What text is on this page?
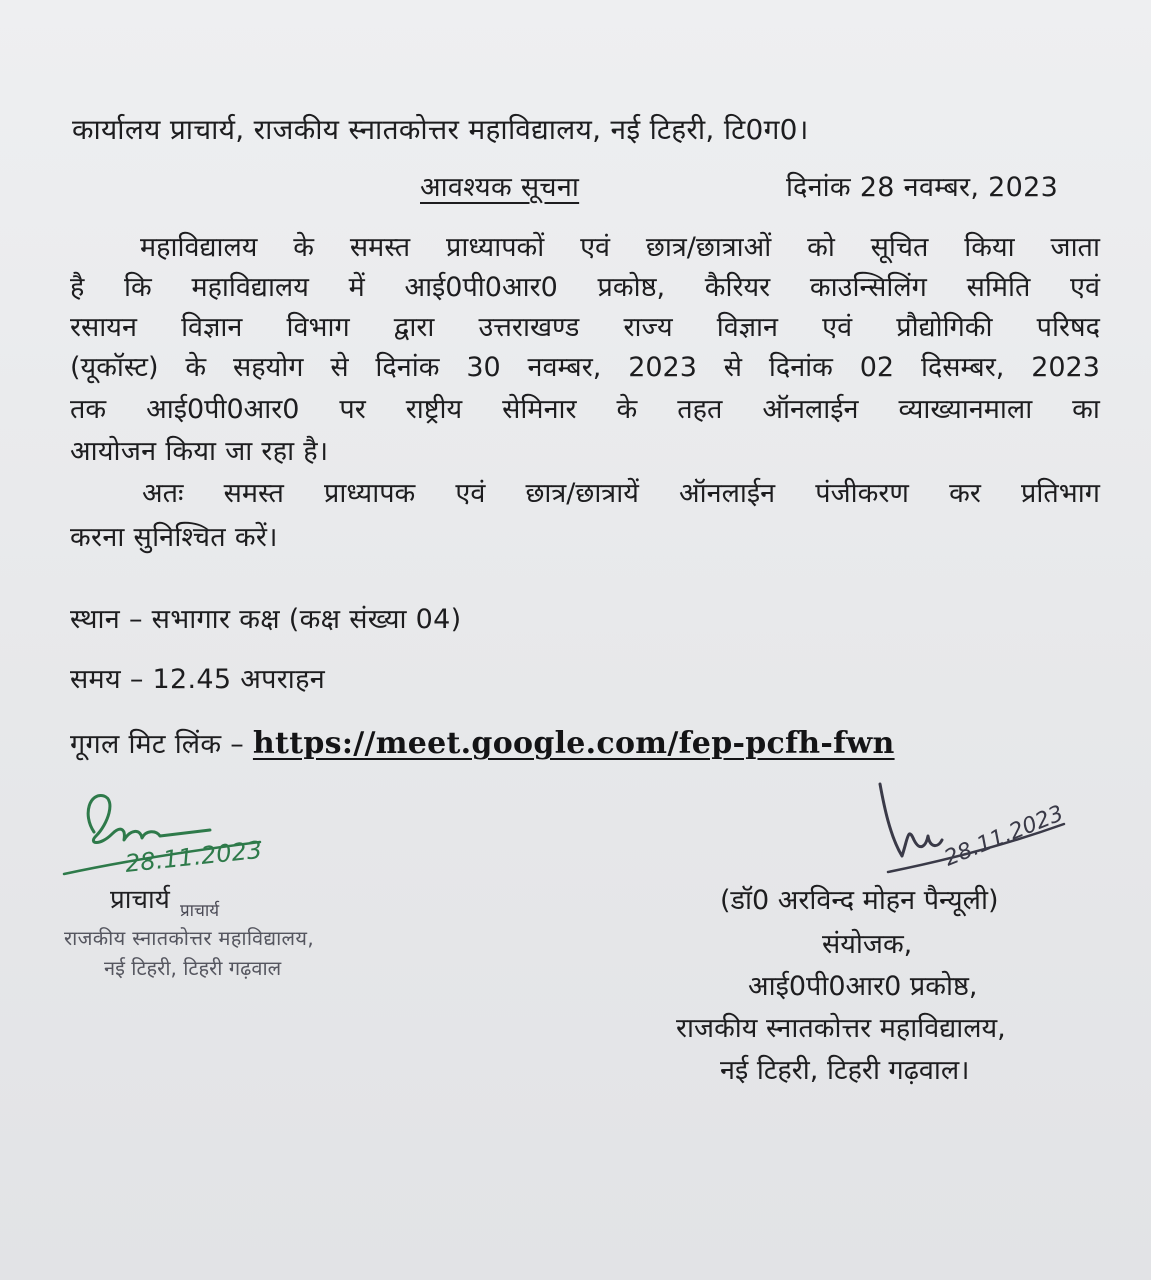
कार्यालय प्राचार्य, राजकीय स्नातकोत्तर महाविद्यालय, नई टिहरी, टि0ग0।
आवश्यक सूचना	दिनांक 28 नवम्बर, 2023
महाविद्यालय के समस्त प्राध्यापकों एवं छात्र/छात्राओं को सूचित किया जाता
है कि महाविद्यालय में आई0पी0आर0 प्रकोष्ठ, कैरियर काउन्सिलिंग समिति एवं
रसायन विज्ञान विभाग द्वारा उत्तराखण्ड राज्य विज्ञान एवं प्रौद्योगिकी परिषद
(यूकॉस्ट) के सहयोग से दिनांक 30 नवम्बर, 2023 से दिनांक 02 दिसम्बर, 2023
तक आई0पी0आर0 पर राष्ट्रीय सेमिनार के तहत ऑनलाईन व्याख्यानमाला का
आयोजन किया जा रहा है।
अतः समस्त प्राध्यापक एवं छात्र/छात्रायें ऑनलाईन पंजीकरण कर प्रतिभाग
करना सुनिश्चित करें।
स्थान – सभागार कक्ष (कक्ष संख्या 04)
समय – 12.45 अपराहन
गूगल मिट लिंक – https://meet.google.com/fep-pcfh-fwn
28.11.2023
प्राचार्य प्राचार्य
राजकीय स्नातकोत्तर महाविद्यालय,
नई टिहरी, टिहरी गढ़वाल
28.11.2023
(डॉ0 अरविन्द मोहन पैन्यूली)
संयोजक,
आई0पी0आर0 प्रकोष्ठ,
राजकीय स्नातकोत्तर महाविद्यालय,
नई टिहरी, टिहरी गढ़वाल।
